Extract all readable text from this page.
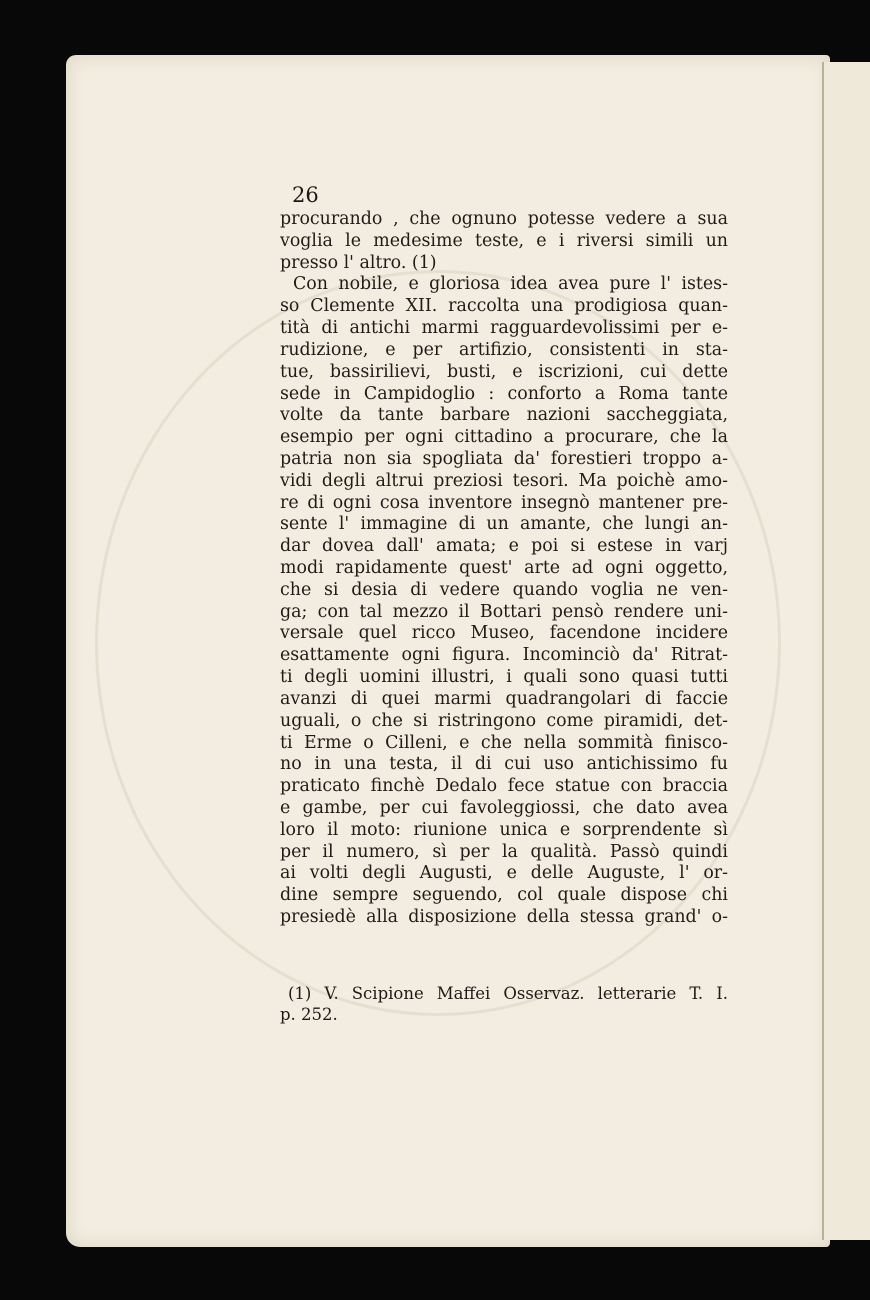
26
procurando , che ognuno potesse vedere a sua
voglia le medesime teste, e i riversi simili un
presso l' altro. (1)
Con nobile, e gloriosa idea avea pure l' istes-
so Clemente XII. raccolta una prodigiosa quan-
tità di antichi marmi ragguardevolissimi per e-
rudizione, e per artifizio, consistenti in sta-
tue, bassirilievi, busti, e iscrizioni, cui dette
sede in Campidoglio : conforto a Roma tante
volte da tante barbare nazioni saccheggiata,
esempio per ogni cittadino a procurare, che la
patria non sia spogliata da' forestieri troppo a-
vidi degli altrui preziosi tesori. Ma poichè amo-
re di ogni cosa inventore insegnò mantener pre-
sente l' immagine di un amante, che lungi an-
dar dovea dall' amata; e poi si estese in varj
modi rapidamente quest' arte ad ogni oggetto,
che si desia di vedere quando voglia ne ven-
ga; con tal mezzo il Bottari pensò rendere uni-
versale quel ricco Museo, facendone incidere
esattamente ogni figura. Incominciò da' Ritrat-
ti degli uomini illustri, i quali sono quasi tutti
avanzi di quei marmi quadrangolari di faccie
uguali, o che si ristringono come piramidi, det-
ti Erme o Cilleni, e che nella sommità finisco-
no in una testa, il di cui uso antichissimo fu
praticato finchè Dedalo fece statue con braccia
e gambe, per cui favoleggiossi, che dato avea
loro il moto: riunione unica e sorprendente sì
per il numero, sì per la qualità. Passò quindi
ai volti degli Augusti, e delle Auguste, l' or-
dine sempre seguendo, col quale dispose chi
presiedè alla disposizione della stessa grand' o-
(1) V. Scipione Maffei Osservaz. letterarie T. I.
p. 252.
